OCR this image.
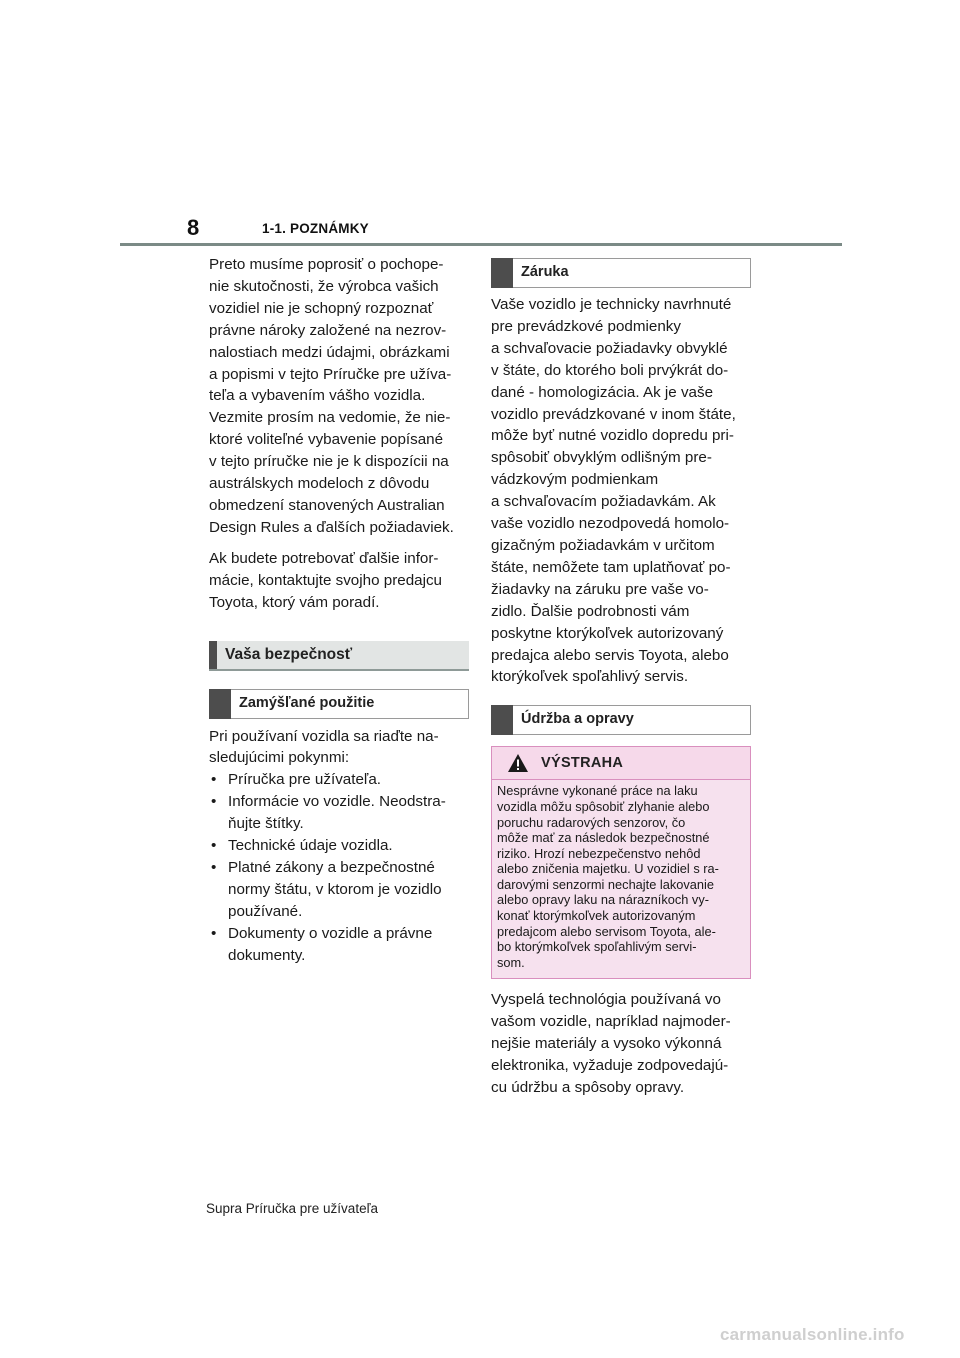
8	1-1. POZNÁMKY

Preto musíme poprosiť o pochope-
nie skutočnosti, že výrobca vašich
vozidiel nie je schopný rozpoznať
právne nároky založené na nezrov-
nalostiach medzi údajmi, obrázkami
a popismi v tejto Príručke pre užíva-
teľa a vybavením vášho vozidla.
Vezmite prosím na vedomie, že nie-
ktoré voliteľné vybavenie popísané
v tejto príručke nie je k dispozícii na
austrálskych modeloch z dôvodu
obmedzení stanovených Australian
Design Rules a ďalších požiadaviek.

Ak budete potrebovať ďalšie infor-
mácie, kontaktujte svojho predajcu
Toyota, ktorý vám poradí.

Vaša bezpečnosť
Zamýšľané použitie

Pri používaní vozidla sa riaďte na-
sledujúcimi pokynmi:

• Príručka pre užívateľa.
• Informácie vo vozidle. Neodstra-
ňujte štítky.
• Technické údaje vozidla.
• Platné zákony a bezpečnostné
normy štátu, v ktorom je vozidlo
používané.
• Dokumenty o vozidle a právne
dokumenty.
Záruka

Vaše vozidlo je technicky navrhnuté
pre prevádzkové podmienky
a schvaľovacie požiadavky obvyklé
v štáte, do ktorého boli prvýkrát do-
dané - homologizácia. Ak je vaše
vozidlo prevádzkované v inom štáte,
môže byť nutné vozidlo dopredu pri-
spôsobiť obvyklým odlišným pre-
vádzkovým podmienkam
a schvaľovacím požiadavkám. Ak
vaše vozidlo nezodpovedá homolo-
gizačným požiadavkám v určitom
štáte, nemôžete tam uplatňovať po-
žiadavky na záruku pre vaše vo-
zidlo. Ďalšie podrobnosti vám
poskytne ktorýkoľvek autorizovaný
predajca alebo servis Toyota, alebo
ktorýkoľvek spoľahlivý servis.

Údržba a opravy
VÝSTRAHA
Nesprávne vykonané práce na laku
vozidla môžu spôsobiť zlyhanie alebo
poruchu radarových senzorov, čo
môže mať za následok bezpečnostné
riziko. Hrozí nebezpečenstvo nehôd
alebo zničenia majetku. U vozidiel s ra-
darovými senzormi nechajte lakovanie
alebo opravy laku na nárazníkoch vy-
konať ktorýmkoľvek autorizovaným
predajcom alebo servisom Toyota, ale-
bo ktorýmkoľvek spoľahlivým servi-
som.

Vyspelá technológia používaná vo
vašom vozidle, napríklad najmoder-
nejšie materiály a vysoko výkonná
elektronika, vyžaduje zodpovedajú-
cu údržbu a spôsoby opravy.

Supra Príručka pre užívateľa
carmanualsonline.info
